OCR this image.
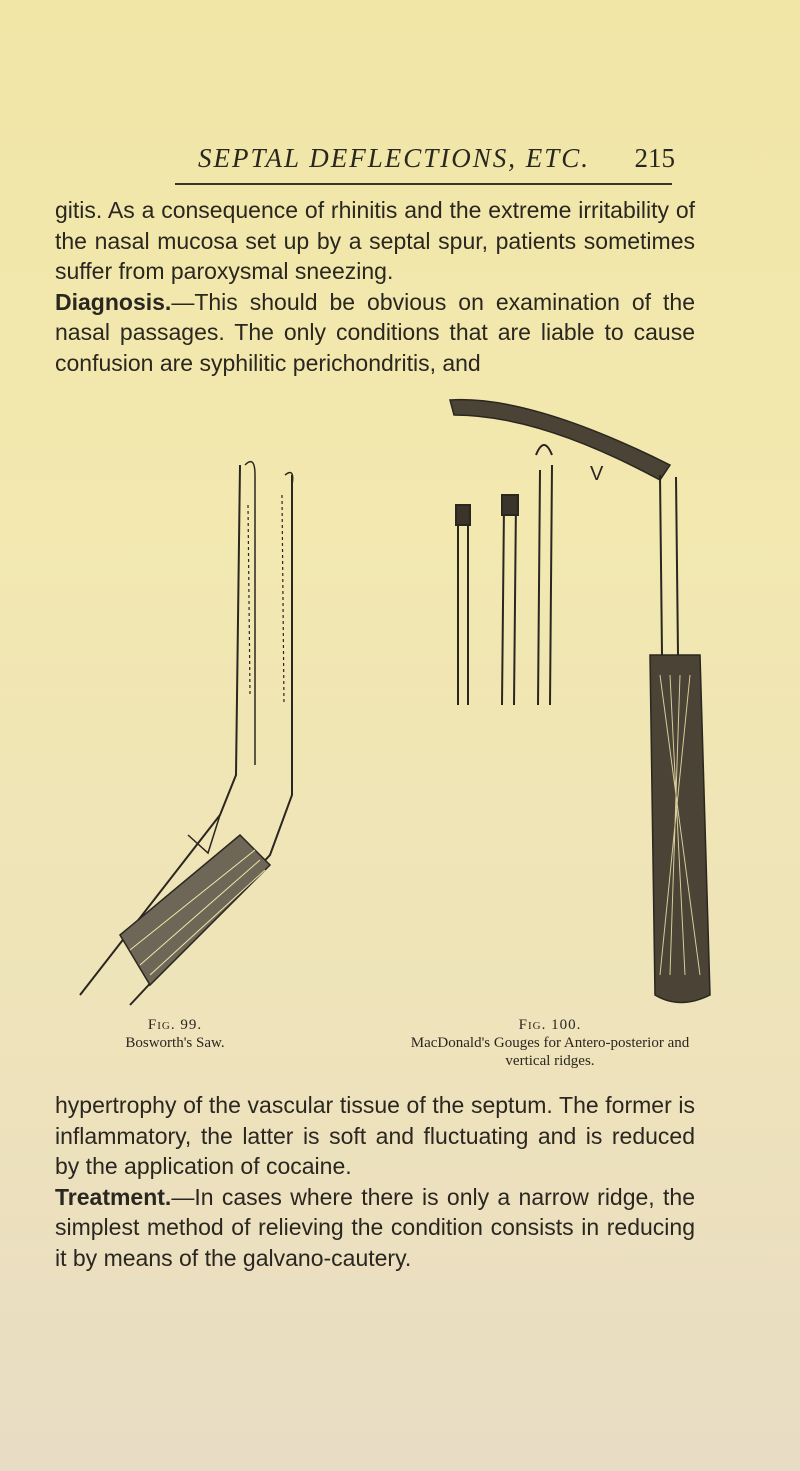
SEPTAL DEFLECTIONS, ETC. 215
gitis. As a consequence of rhinitis and the extreme irritability of the nasal mucosa set up by a septal spur, patients sometimes suffer from paroxysmal sneezing.
Diagnosis.—This should be obvious on examination of the nasal passages. The only conditions that are liable to cause confusion are syphilitic perichondritis, and
V
Fig. 99.
Bosworth's Saw.
Fig. 100.
MacDonald's Gouges for Antero-posterior and vertical ridges.
hypertrophy of the vascular tissue of the septum. The former is inflammatory, the latter is soft and fluctuating and is reduced by the application of cocaine.
Treatment.—In cases where there is only a narrow ridge, the simplest method of relieving the condition consists in reducing it by means of the galvano-cautery.
